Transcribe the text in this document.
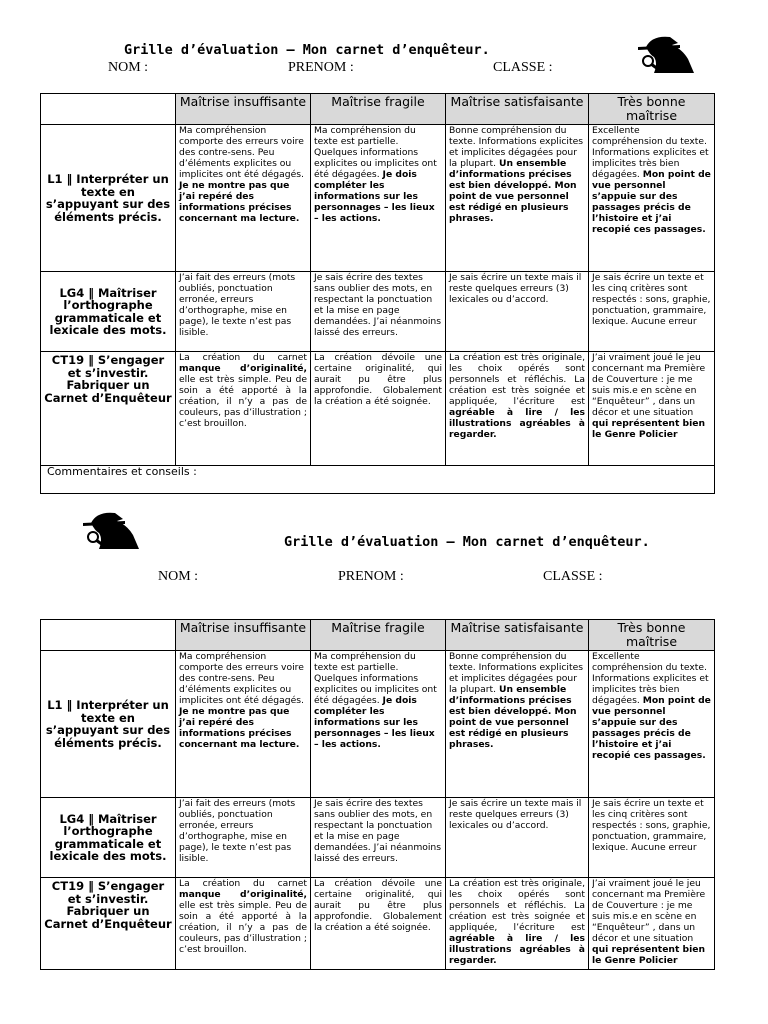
Grille d’évaluation – Mon carnet d’enquêteur.
NOM :	PRENOM :	CLASSE :
	Maîtrise insuffisante	Maîtrise fragile	Maîtrise satisfaisante	Très bonne maîtrise
L1 ‖ Interpréter un texte en s’appuyant sur des éléments précis.	Ma compréhension comporte des erreurs voire des contre-sens. Peu d’éléments explicites ou implicites ont été dégagés. Je ne montre pas que j’ai repéré des informations précises concernant ma lecture.	Ma compréhension du texte est partielle. Quelques informations explicites ou implicites ont été dégagées. Je dois compléter les informations sur les personnages – les lieux – les actions.	Bonne compréhension du texte. Informations explicites et implicites dégagées pour la plupart. Un ensemble d’informations précises est bien développé. Mon point de vue personnel est rédigé en plusieurs phrases.	Excellente compréhension du texte. Informations explicites et implicites très bien dégagées. Mon point de vue personnel s’appuie sur des passages précis de l’histoire et j’ai recopié ces passages.
LG4 ‖ Maîtriser l’orthographe grammaticale et lexicale des mots.	J’ai fait des erreurs (mots oubliés, ponctuation erronée, erreurs d’orthographe, mise en page), le texte n’est pas lisible.	Je sais écrire des textes sans oublier des mots, en respectant la ponctuation et la mise en page demandées. J’ai néanmoins laissé des erreurs.	Je sais écrire un texte mais il reste quelques erreurs (3) lexicales ou d’accord.	Je sais écrire un texte et les cinq critères sont respectés : sons, graphie, ponctuation, grammaire, lexique. Aucune erreur
CT19 ‖ S’engager et s’investir. Fabriquer un Carnet d’Enquêteur	La création du carnet manque d’originalité, elle est très simple. Peu de soin a été apporté à la création, il n’y a pas de couleurs, pas d’illustration ; c’est brouillon.	La création dévoile une certaine originalité, qui aurait pu être plus approfondie. Globalement la création a été soignée.	La création est très originale, les choix opérés sont personnels et réfléchis. La création est très soignée et appliquée, l’écriture est agréable à lire / les illustrations agréables à regarder.	J’ai vraiment joué le jeu concernant ma Première de Couverture : je me suis mis.e en scène en “Enquêteur” , dans un décor et une situation qui représentent bien le Genre Policier
Commentaires et conseils :				
Grille d’évaluation – Mon carnet d’enquêteur.
NOM :	PRENOM :	CLASSE :
	Maîtrise insuffisante	Maîtrise fragile	Maîtrise satisfaisante	Très bonne maîtrise
L1 ‖ Interpréter un texte en s’appuyant sur des éléments précis.	Ma compréhension comporte des erreurs voire des contre-sens. Peu d’éléments explicites ou implicites ont été dégagés. Je ne montre pas que j’ai repéré des informations précises concernant ma lecture.	Ma compréhension du texte est partielle. Quelques informations explicites ou implicites ont été dégagées. Je dois compléter les informations sur les personnages – les lieux – les actions.	Bonne compréhension du texte. Informations explicites et implicites dégagées pour la plupart. Un ensemble d’informations précises est bien développé. Mon point de vue personnel est rédigé en plusieurs phrases.	Excellente compréhension du texte. Informations explicites et implicites très bien dégagées. Mon point de vue personnel s’appuie sur des passages précis de l’histoire et j’ai recopié ces passages.
LG4 ‖ Maîtriser l’orthographe grammaticale et lexicale des mots.	J’ai fait des erreurs (mots oubliés, ponctuation erronée, erreurs d’orthographe, mise en page), le texte n’est pas lisible.	Je sais écrire des textes sans oublier des mots, en respectant la ponctuation et la mise en page demandées. J’ai néanmoins laissé des erreurs.	Je sais écrire un texte mais il reste quelques erreurs (3) lexicales ou d’accord.	Je sais écrire un texte et les cinq critères sont respectés : sons, graphie, ponctuation, grammaire, lexique. Aucune erreur
CT19 ‖ S’engager et s’investir. Fabriquer un Carnet d’Enquêteur	La création du carnet manque d’originalité, elle est très simple. Peu de soin a été apporté à la création, il n’y a pas de couleurs, pas d’illustration ; c’est brouillon.	La création dévoile une certaine originalité, qui aurait pu être plus approfondie. Globalement la création a été soignée.	La création est très originale, les choix opérés sont personnels et réfléchis. La création est très soignée et appliquée, l’écriture est agréable à lire / les illustrations agréables à regarder.	J’ai vraiment joué le jeu concernant ma Première de Couverture : je me suis mis.e en scène en “Enquêteur” , dans un décor et une situation qui représentent bien le Genre Policier
